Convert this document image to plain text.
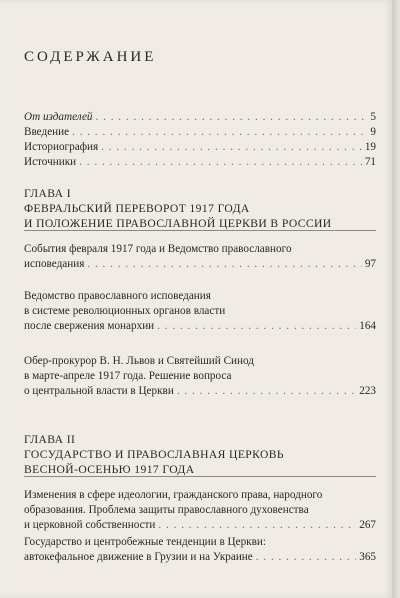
СОДЕРЖАНИЕ
От издателей . . .	5
Введение . . .	9
Историография . . .	19
Источники . . .	71
ГЛАВА I
ФЕВРАЛЬСКИЙ ПЕРЕВОРОТ 1917 ГОДА
И ПОЛОЖЕНИЕ ПРАВОСЛАВНОЙ ЦЕРКВИ В РОССИИ
События февраля 1917 года и Ведомство православного
исповедания . . .	97
Ведомство православного исповедания
в системе революционных органов власти
после свержения монархии . . .	164
Обер-прокурор В. Н. Львов и Святейший Синод
в марте-апреле 1917 года. Решение вопроса
о центральной власти в Церкви . . .	223
ГЛАВА II
ГОСУДАРСТВО И ПРАВОСЛАВНАЯ ЦЕРКОВЬ
ВЕСНОЙ-ОСЕНЬЮ 1917 ГОДА
Изменения в сфере идеологии, гражданского права, народного
образования. Проблема защиты православного духовенства
и церковной собственности . . .	267
Государство и центробежные тенденции в Церкви:
автокефальное движение в Грузии и на Украине . . .	365
